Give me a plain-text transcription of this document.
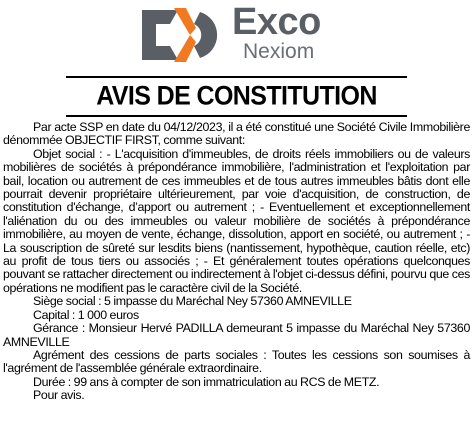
Exco
Nexiom
AVIS DE CONSTITUTION

Par acte SSP en date du 04/12/2023, il a été constitué une Société Civile Immobilière dénommée OBJECTIF FIRST, comme suivant:

Objet social : - L'acquisition d'immeubles, de droits réels immobiliers ou de valeurs mobilières de sociétés à prépondérance immobilière, l'administration et l'exploitation par bail, location ou autrement de ces immeubles et de tous autres immeubles bâtis dont elle pourrait devenir propriétaire ultérieurement, par voie d'acquisition, de construction, de constitution d'échange, d’apport ou autrement ; - Eventuellement et exceptionnellement l'aliénation du ou des immeubles ou valeur mobilière de sociétés à prépondérance immobilière, au moyen de vente, échange, dissolution, apport en société, ou autrement ; - La souscription de sûreté sur lesdits biens (nantissement, hypothèque, caution réelle, etc) au profit de tous tiers ou associés ; - Et généralement toutes opérations quelconques pouvant se rattacher directement ou indirectement à l'objet ci-dessus défini, pourvu que ces opérations ne modifient pas le caractère civil de la Société.

Siège social : 5 impasse du Maréchal Ney 57360 AMNEVILLE

Capital : 1 000 euros

Gérance : Monsieur Hervé PADILLA demeurant 5 impasse du Maréchal Ney 57360 AMNEVILLE

Agrément des cessions de parts sociales : Toutes les cessions son soumises à l'agrément de l'assemblée générale extraordinaire.

Durée : 99 ans à compter de son immatriculation au RCS de METZ.

Pour avis.
